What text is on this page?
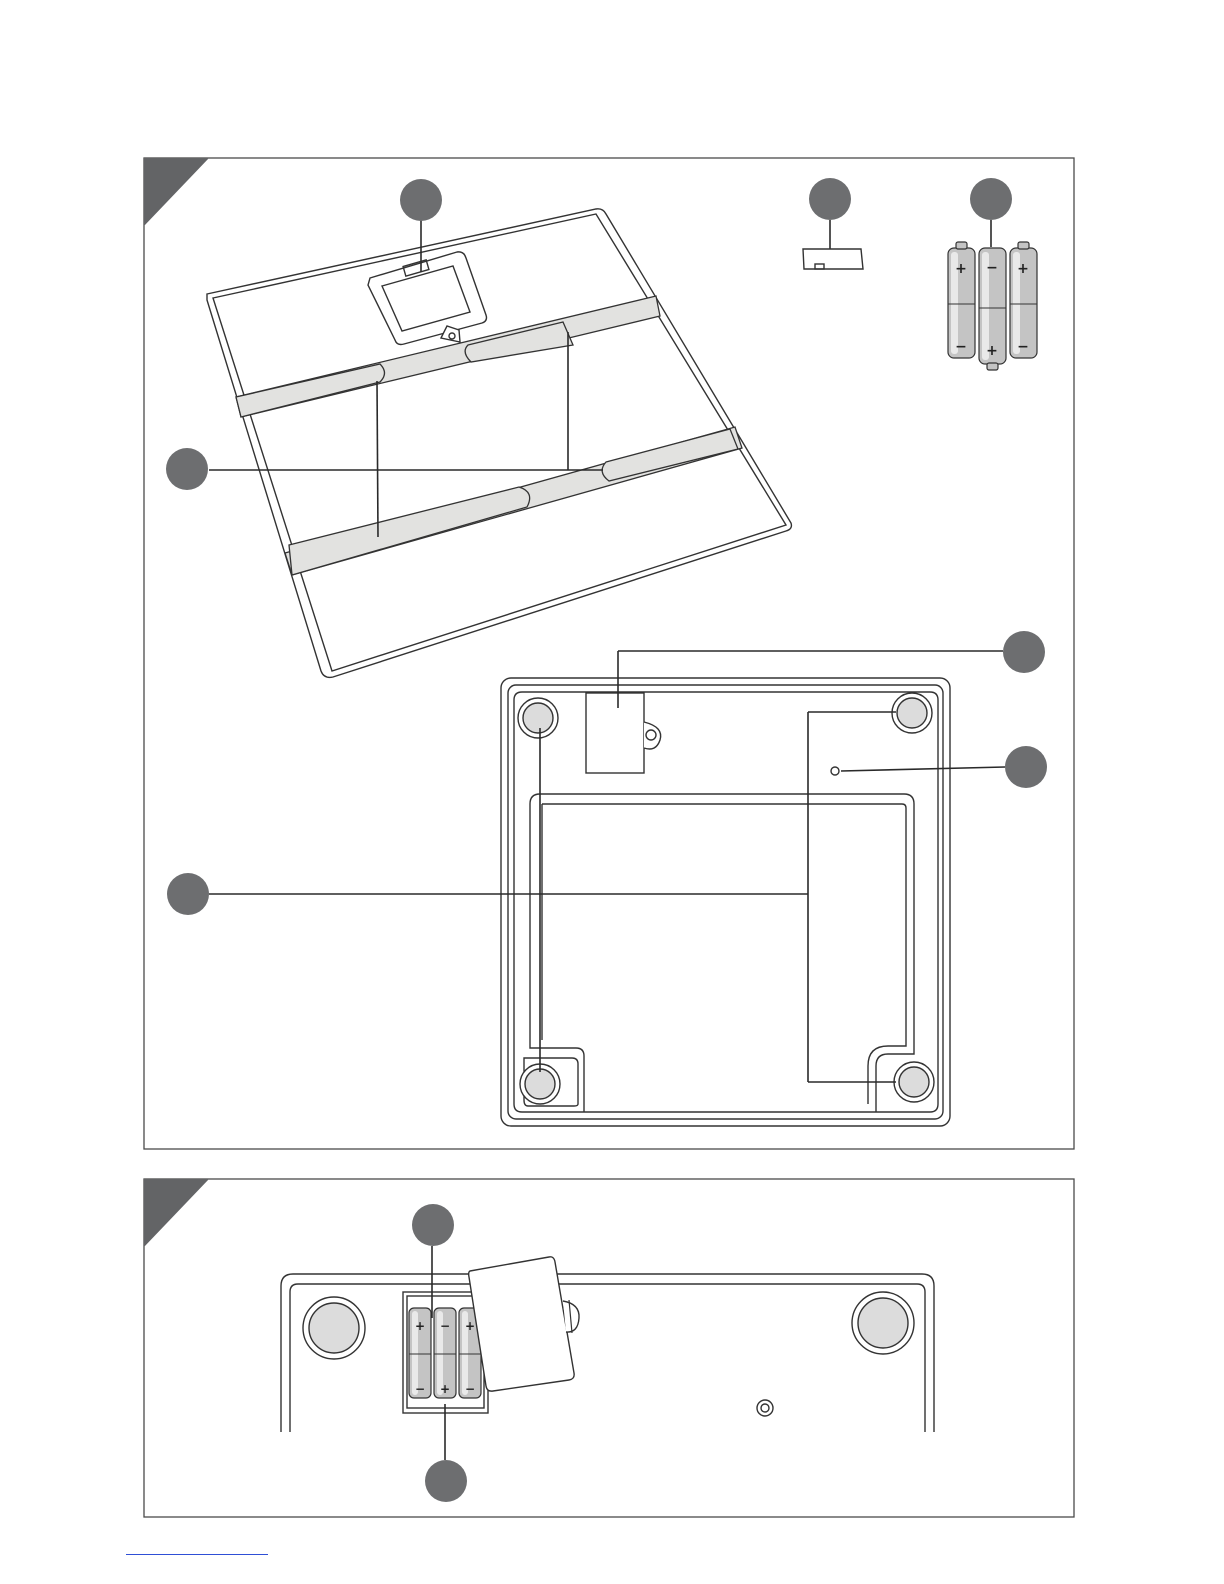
+
−
−
+
+
−
+
−
−
+
+
−
